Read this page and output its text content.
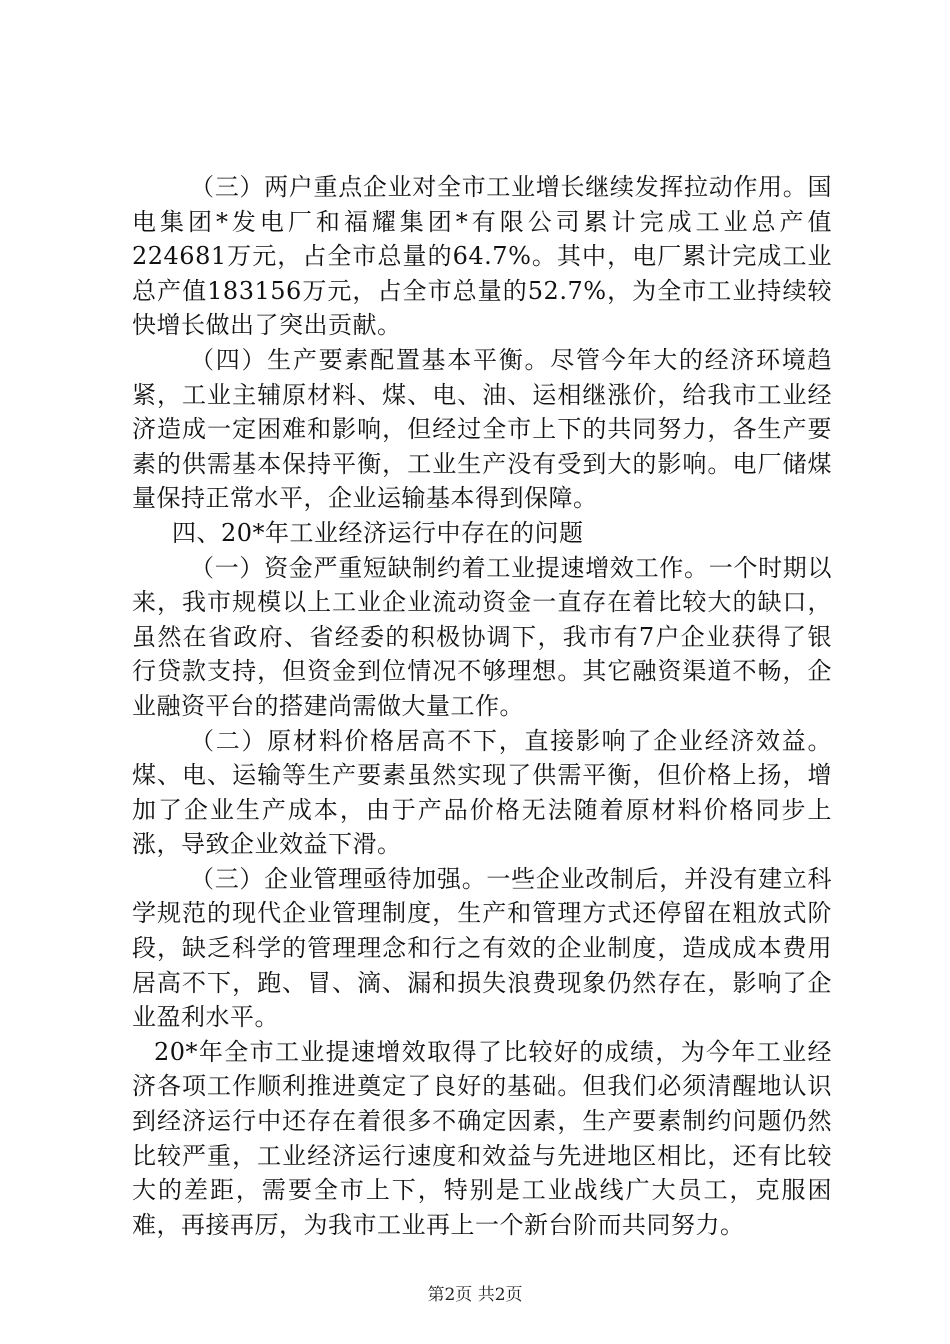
（三）两户重点企业对全市工业增长继续发挥拉动作用。国电集团*发电厂和福耀集团*有限公司累计完成工业总产值224681万元，占全市总量的64.7%。其中，电厂累计完成工业总产值183156万元，占全市总量的52.7%，为全市工业持续较快增长做出了突出贡献。

（四）生产要素配置基本平衡。尽管今年大的经济环境趋紧，工业主辅原材料、煤、电、油、运相继涨价，给我市工业经济造成一定困难和影响，但经过全市上下的共同努力，各生产要素的供需基本保持平衡，工业生产没有受到大的影响。电厂储煤量保持正常水平，企业运输基本得到保障。

四、20*年工业经济运行中存在的问题

（一）资金严重短缺制约着工业提速增效工作。一个时期以来，我市规模以上工业企业流动资金一直存在着比较大的缺口，虽然在省政府、省经委的积极协调下，我市有7户企业获得了银行贷款支持，但资金到位情况不够理想。其它融资渠道不畅，企业融资平台的搭建尚需做大量工作。

（二）原材料价格居高不下，直接影响了企业经济效益。煤、电、运输等生产要素虽然实现了供需平衡，但价格上扬，增加了企业生产成本，由于产品价格无法随着原材料价格同步上涨，导致企业效益下滑。

（三）企业管理亟待加强。一些企业改制后，并没有建立科学规范的现代企业管理制度，生产和管理方式还停留在粗放式阶段，缺乏科学的管理理念和行之有效的企业制度，造成成本费用居高不下，跑、冒、滴、漏和损失浪费现象仍然存在，影响了企业盈利水平。

20*年全市工业提速增效取得了比较好的成绩，为今年工业经济各项工作顺利推进奠定了良好的基础。但我们必须清醒地认识到经济运行中还存在着很多不确定因素，生产要素制约问题仍然比较严重，工业经济运行速度和效益与先进地区相比，还有比较大的差距，需要全市上下，特别是工业战线广大员工，克服困难，再接再厉，为我市工业再上一个新台阶而共同努力。

第2页 共2页
